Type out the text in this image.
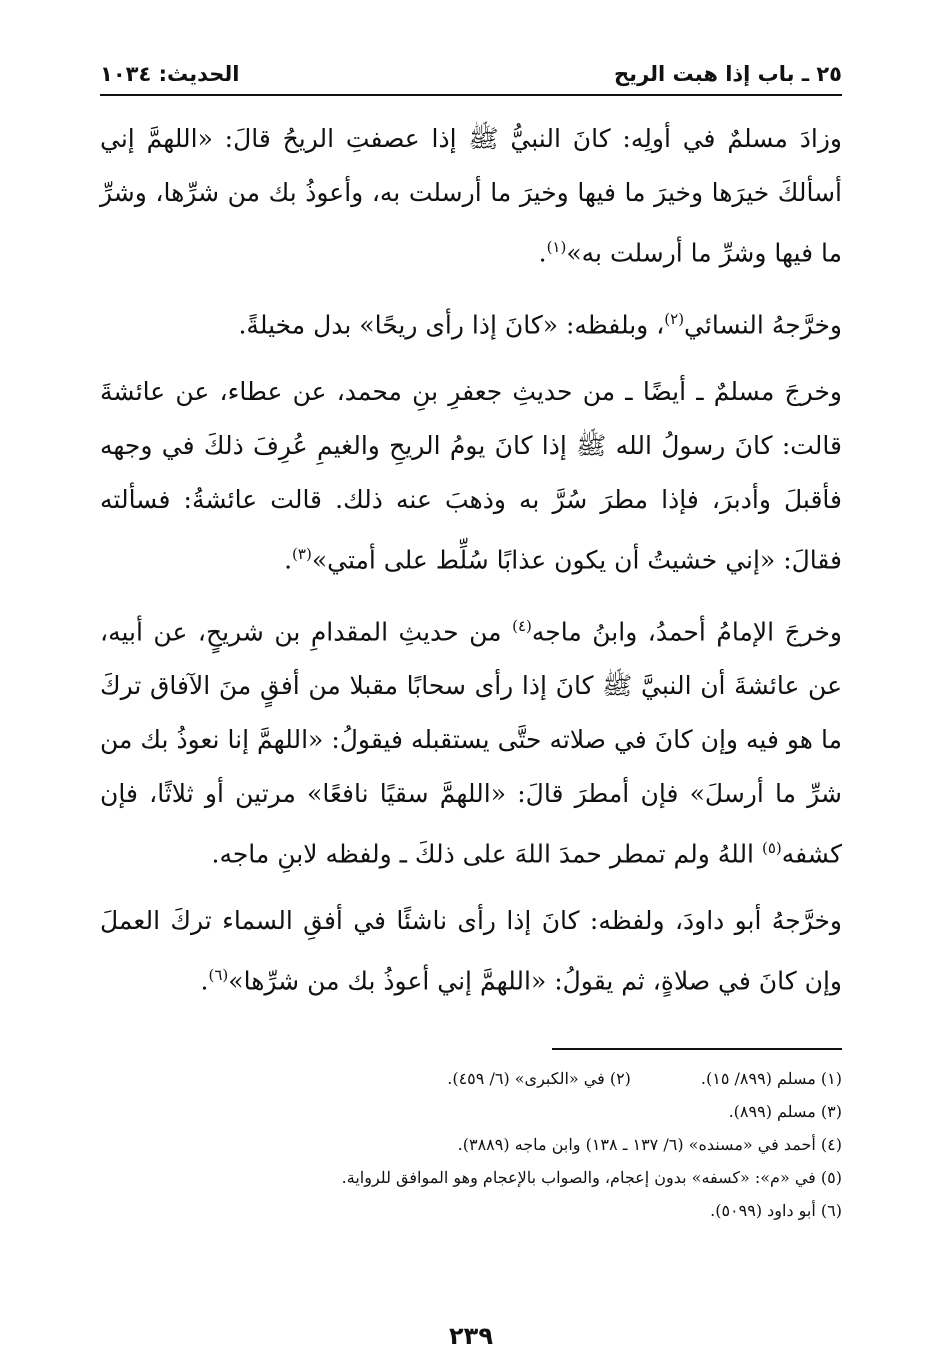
٢٥ ـ باب إذا هبت الريح
الحديث: ١٠٣٤

وزادَ مسلمٌ في أولِه: كانَ النبيُّ ﷺ إذا عصفتِ الريحُ قالَ: «اللهمَّ إني أسألكَ خيرَها وخيرَ ما فيها وخيرَ ما أرسلت به، وأعوذُ بك من شرِّها، وشرِّ ما فيها وشرِّ ما أرسلت به»$^{(١)}$.

وخرَّجهُ النسائي$^{(٢)}$، وبلفظه: «كانَ إذا رأى ريحًا» بدل مخيلةً.

وخرجَ مسلمٌ ـ أيضًا ـ من حديثِ جعفرِ بنِ محمد، عن عطاء، عن عائشةَ قالت: كانَ رسولُ الله ﷺ إذا كانَ يومُ الريحِ والغيمِ عُرِفَ ذلكَ في وجهه فأقبلَ وأدبرَ، فإذا مطرَ سُرَّ به وذهبَ عنه ذلك. قالت عائشةُ: فسألته فقالَ: «إني خشيتُ أن يكون عذابًا سُلِّط على أمتي»$^{(٣)}$.

وخرجَ الإمامُ أحمدُ، وابنُ ماجه$^{(٤)}$ من حديثِ المقدامِ بن شريحٍ، عن أبيه، عن عائشةَ أن النبيَّ ﷺ كانَ إذا رأى سحابًا مقبلا من أفقٍ منَ الآفاق تركَ ما هو فيه وإن كانَ في صلاته حتَّى يستقبله فيقولُ: «اللهمَّ إنا نعوذُ بك من شرِّ ما أرسلَ» فإن أمطرَ قالَ: «اللهمَّ سقيًا نافعًا» مرتين أو ثلاثًا، فإن كشفه$^{(٥)}$ اللهُ ولم تمطر حمدَ اللهَ على ذلكَ ـ ولفظه لابنِ ماجه.

وخرَّجهُ أبو داودَ، ولفظه: كانَ إذا رأى ناشئًا في أفقِ السماء تركَ العملَ وإن كانَ في صلاةٍ، ثم يقولُ: «اللهمَّ إني أعوذُ بك من شرِّها»$^{(٦)}$.

(١) مسلم (٨٩٩/ ١٥).
(٢) في «الكبرى» (٦/ ٤٥٩).
(٣) مسلم (٨٩٩).
(٤) أحمد في «مسنده» (٦/ ١٣٧ ـ ١٣٨) وابن ماجه (٣٨٨٩).
(٥) في «م»: «كسفه» بدون إعجام، والصواب بالإعجام وهو الموافق للرواية.
(٦) أبو داود (٥٠٩٩).
٢٣٩
